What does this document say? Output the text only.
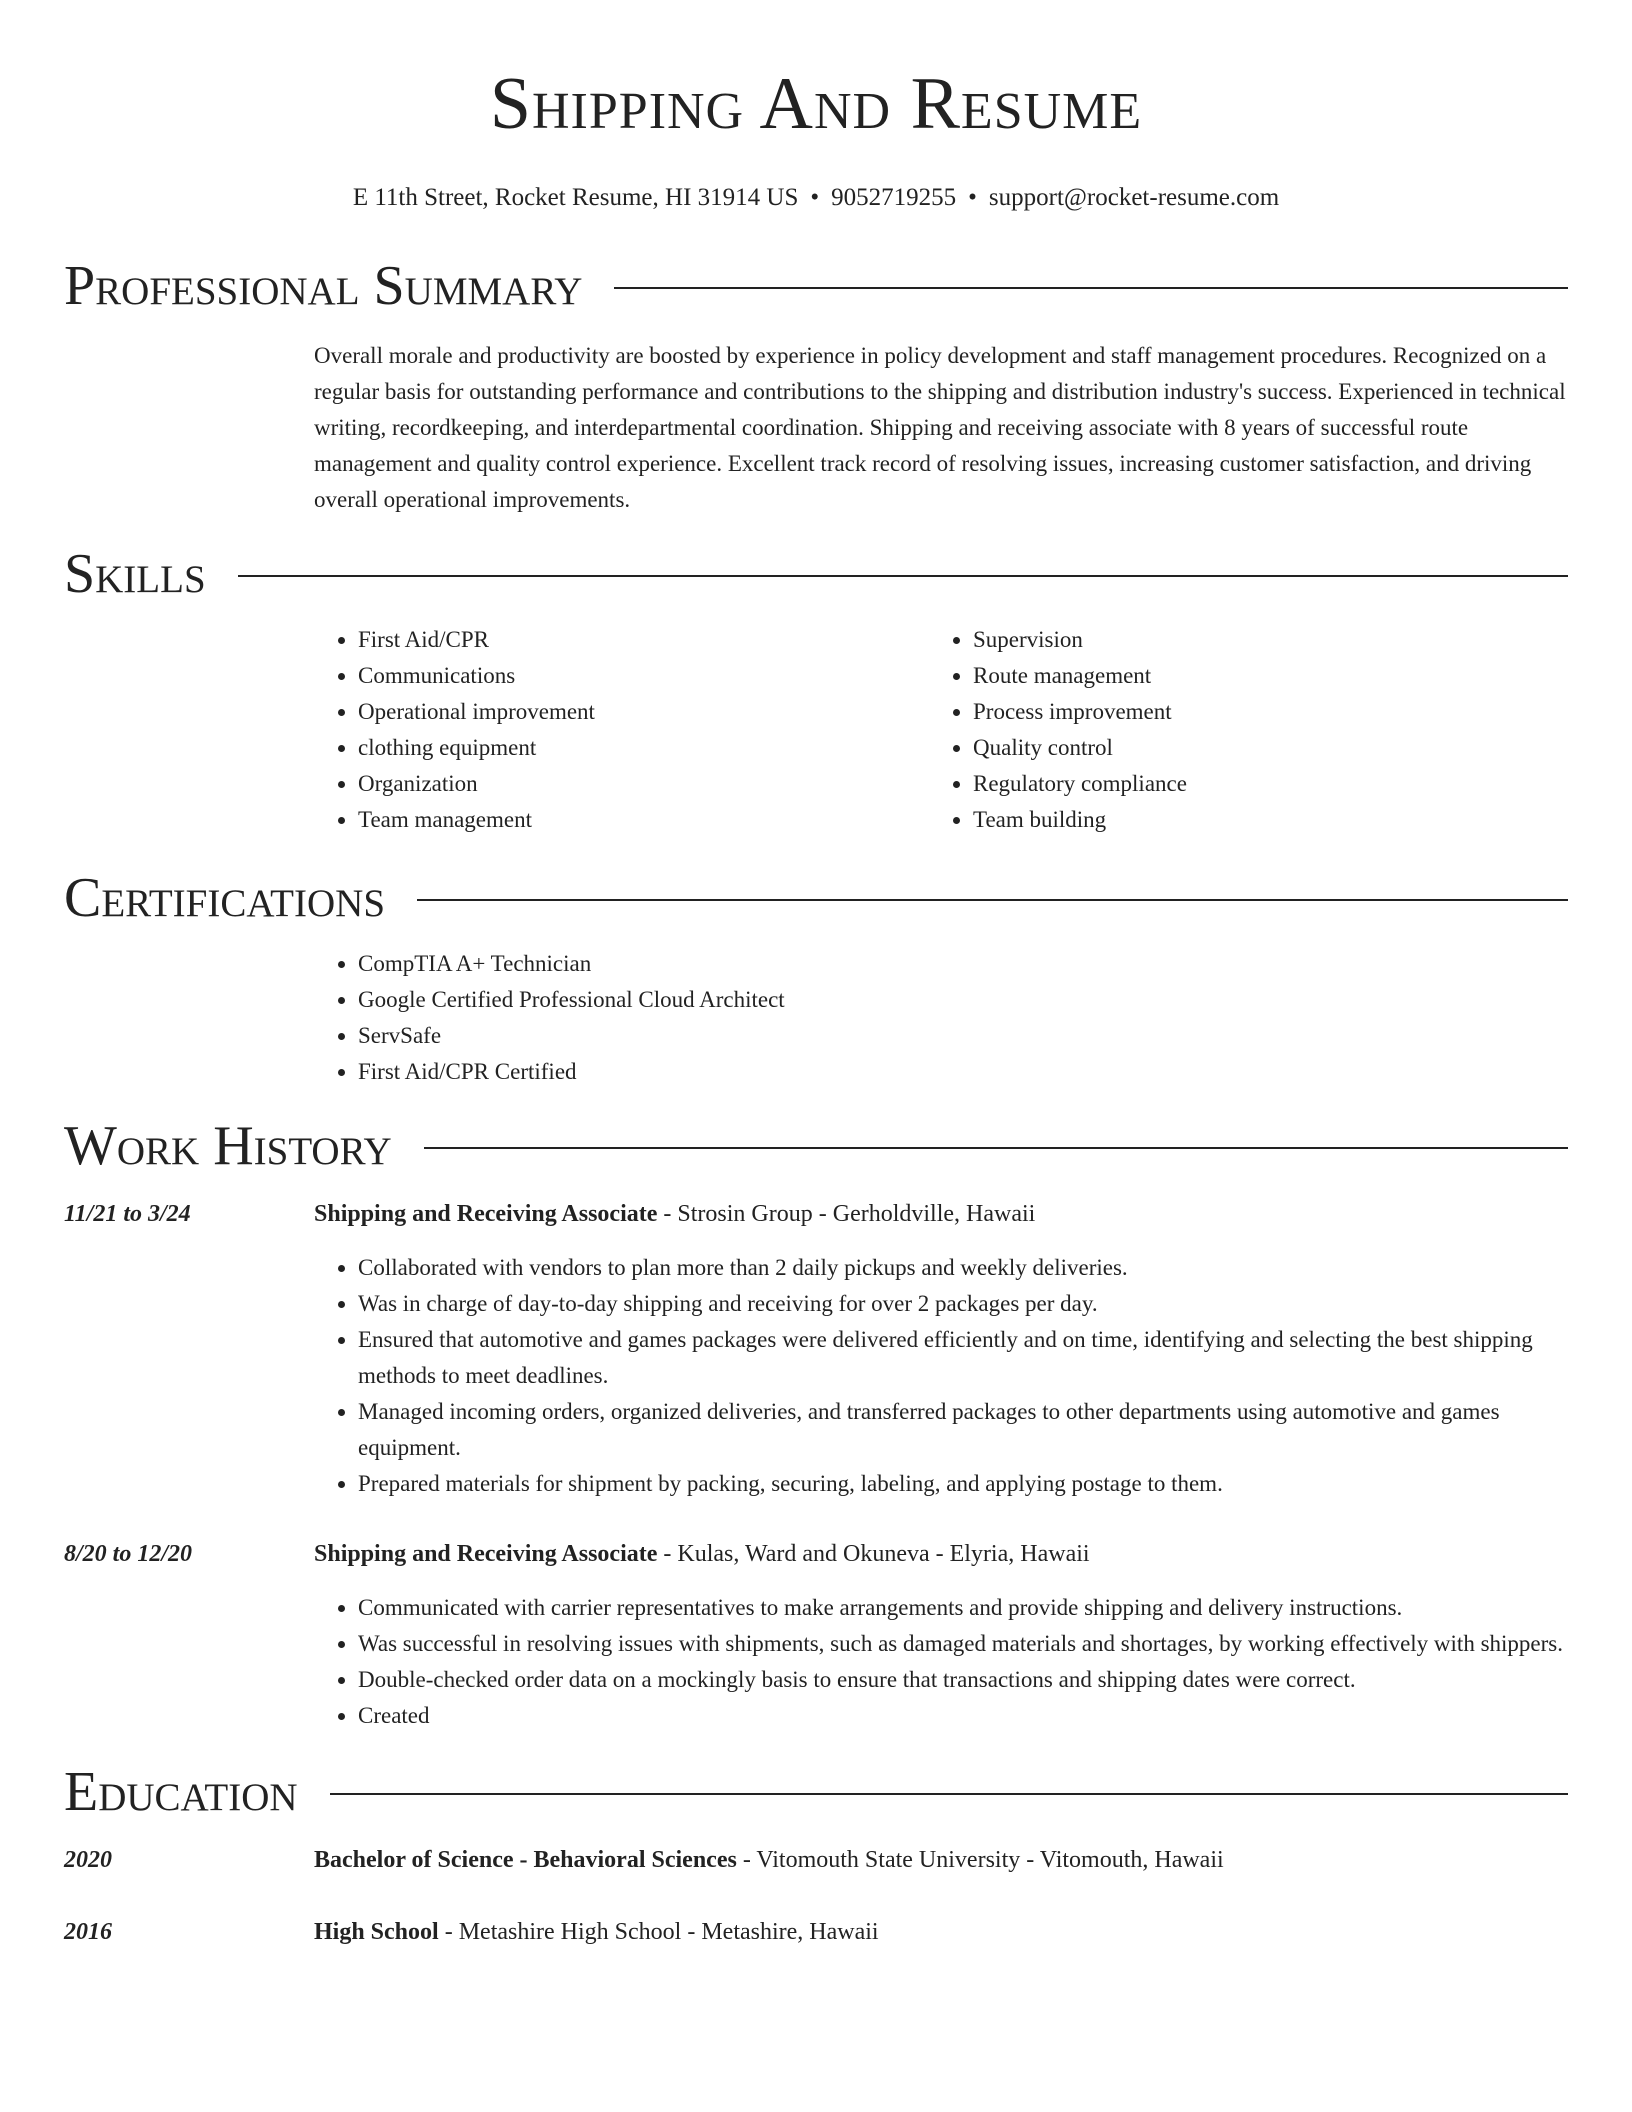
Shipping And Resume
E 11th Street, Rocket Resume, HI 31914 US • 9052719255 • support@rocket-resume.com
Professional Summary
Overall morale and productivity are boosted by experience in policy development and staff management procedures. Recognized on a regular basis for outstanding performance and contributions to the shipping and distribution industry's success. Experienced in technical writing, recordkeeping, and interdepartmental coordination. Shipping and receiving associate with 8 years of successful route management and quality control experience. Excellent track record of resolving issues, increasing customer satisfaction, and driving overall operational improvements.
Skills
• First Aid/CPR
• Communications
• Operational improvement
• clothing equipment
• Organization
• Team management
• Supervision
• Route management
• Process improvement
• Quality control
• Regulatory compliance
• Team building
Certifications
• CompTIA A+ Technician
• Google Certified Professional Cloud Architect
• ServSafe
• First Aid/CPR Certified
Work History
11/21 to 3/24	Shipping and Receiving Associate - Strosin Group - Gerholdville, Hawaii
• Collaborated with vendors to plan more than 2 daily pickups and weekly deliveries.
• Was in charge of day-to-day shipping and receiving for over 2 packages per day.
• Ensured that automotive and games packages were delivered efficiently and on time, identifying and selecting the best shipping methods to meet deadlines.
• Managed incoming orders, organized deliveries, and transferred packages to other departments using automotive and games equipment.
• Prepared materials for shipment by packing, securing, labeling, and applying postage to them.
8/20 to 12/20	Shipping and Receiving Associate - Kulas, Ward and Okuneva - Elyria, Hawaii
• Communicated with carrier representatives to make arrangements and provide shipping and delivery instructions.
• Was successful in resolving issues with shipments, such as damaged materials and shortages, by working effectively with shippers.
• Double-checked order data on a mockingly basis to ensure that transactions and shipping dates were correct.
• Created
Education
2020	Bachelor of Science - Behavioral Sciences - Vitomouth State University - Vitomouth, Hawaii
2016	High School - Metashire High School - Metashire, Hawaii
